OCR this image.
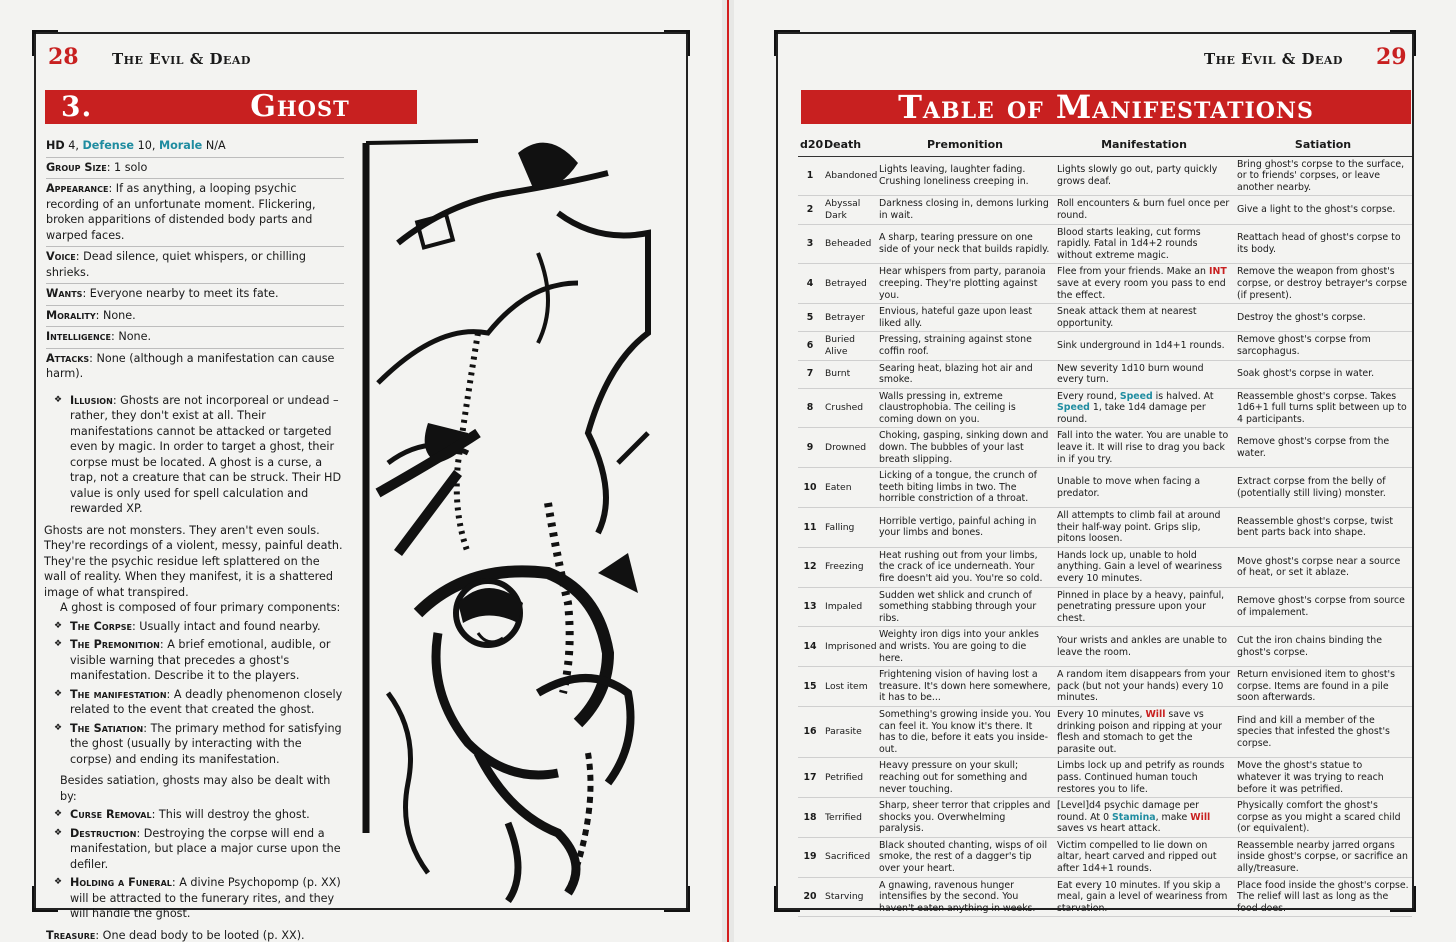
28 The Evil & Dead
3.	Ghost
HD 4, Defense 10, Morale N/A
Group Size: 1 solo
Appearance: If as anything, a looping psychic recording of an unfortunate moment. Flickering, broken apparitions of distended body parts and warped faces.
Voice: Dead silence, quiet whispers, or chilling shrieks.
Wants: Everyone nearby to meet its fate.
Morality: None.
Intelligence: None.
Attacks: None (although a manifestation can cause harm).
❖ Illusion: Ghosts are not incorporeal or undead – rather, they don't exist at all. Their manifestations cannot be attacked or targeted even by magic. In order to target a ghost, their corpse must be located. A ghost is a curse, a trap, not a creature that can be struck. Their HD value is only used for spell calculation and rewarded XP.
Ghosts are not monsters. They aren't even souls. They're recordings of a violent, messy, painful death. They're the psychic residue left splattered on the wall of reality. When they manifest, it is a shattered image of what transpired.
A ghost is composed of four primary components:
❖ The Corpse: Usually intact and found nearby.
❖ The Premonition: A brief emotional, audible, or visible warning that precedes a ghost's manifestation. Describe it to the players.
❖ The manifestation: A deadly phenomenon closely related to the event that created the ghost.
❖ The Satiation: The primary method for satisfying the ghost (usually by interacting with the corpse) and ending its manifestation.
Besides satiation, ghosts may also be dealt with by:
❖ Curse Removal: This will destroy the ghost.
❖ Destruction: Destroying the corpse will end a manifestation, but place a major curse upon the defiler.
❖ Holding a Funeral: A divine Psychopomp (p. XX) will be attracted to the funerary rites, and they will handle the ghost.
Treasure: One dead body to be looted (p. XX).
The Evil & Dead 29
Table of Manifestations
d20	Death	Premonition	Manifestation	Satiation
1	Abandoned	Lights leaving, laughter fading. Crushing loneliness creeping in.	Lights slowly go out, party quickly grows deaf.	Bring ghost's corpse to the surface, or to friends' corpses, or leave another nearby.
2	Abyssal Dark	Darkness closing in, demons lurking in wait.	Roll encounters & burn fuel once per round.	Give a light to the ghost's corpse.
3	Beheaded	A sharp, tearing pressure on one side of your neck that builds rapidly.	Blood starts leaking, cut forms rapidly. Fatal in 1d4+2 rounds without extreme magic.	Reattach head of ghost's corpse to its body.
4	Betrayed	Hear whispers from party, paranoia creeping. They're plotting against you.	Flee from your friends. Make an INT save at every room you pass to end the effect.	Remove the weapon from ghost's corpse, or destroy betrayer's corpse (if present).
5	Betrayer	Envious, hateful gaze upon least liked ally.	Sneak attack them at nearest opportunity.	Destroy the ghost's corpse.
6	Buried Alive	Pressing, straining against stone coffin roof.	Sink underground in 1d4+1 rounds.	Remove ghost's corpse from sarcophagus.
7	Burnt	Searing heat, blazing hot air and smoke.	New severity 1d10 burn wound every turn.	Soak ghost's corpse in water.
8	Crushed	Walls pressing in, extreme claustrophobia. The ceiling is coming down on you.	Every round, Speed is halved. At Speed 1, take 1d4 damage per round.	Reassemble ghost's corpse. Takes 1d6+1 full turns split between up to 4 participants.
9	Drowned	Choking, gasping, sinking down and down. The bubbles of your last breath slipping.	Fall into the water. You are unable to leave it. It will rise to drag you back in if you try.	Remove ghost's corpse from the water.
10	Eaten	Licking of a tongue, the crunch of teeth biting limbs in two. The horrible constriction of a throat.	Unable to move when facing a predator.	Extract corpse from the belly of (potentially still living) monster.
11	Falling	Horrible vertigo, painful aching in your limbs and bones.	All attempts to climb fail at around their half-way point. Grips slip, pitons loosen.	Reassemble ghost's corpse, twist bent parts back into shape.
12	Freezing	Heat rushing out from your limbs, the crack of ice underneath. Your fire doesn't aid you. You're so cold.	Hands lock up, unable to hold anything. Gain a level of weariness every 10 minutes.	Move ghost's corpse near a source of heat, or set it ablaze.
13	Impaled	Sudden wet shlick and crunch of something stabbing through your ribs.	Pinned in place by a heavy, painful, penetrating pressure upon your chest.	Remove ghost's corpse from source of impalement.
14	Imprisoned	Weighty iron digs into your ankles and wrists. You are going to die here.	Your wrists and ankles are unable to leave the room.	Cut the iron chains binding the ghost's corpse.
15	Lost item	Frightening vision of having lost a treasure. It's down here somewhere, it has to be...	A random item disappears from your pack (but not your hands) every 10 minutes.	Return envisioned item to ghost's corpse. Items are found in a pile soon afterwards.
16	Parasite	Something's growing inside you. You can feel it. You know it's there. It has to die, before it eats you inside-out.	Every 10 minutes, Will save vs drinking poison and ripping at your flesh and stomach to get the parasite out.	Find and kill a member of the species that infested the ghost's corpse.
17	Petrified	Heavy pressure on your skull; reaching out for something and never touching.	Limbs lock up and petrify as rounds pass. Continued human touch restores you to life.	Move the ghost's statue to whatever it was trying to reach before it was petrified.
18	Terrified	Sharp, sheer terror that cripples and shocks you. Overwhelming paralysis.	[Level]d4 psychic damage per round. At 0 Stamina, make Will saves vs heart attack.	Physically comfort the ghost's corpse as you might a scared child (or equivalent).
19	Sacrificed	Black shouted chanting, wisps of oil smoke, the rest of a dagger's tip over your heart.	Victim compelled to lie down on altar, heart carved and ripped out after 1d4+1 rounds.	Reassemble nearby jarred organs inside ghost's corpse, or sacrifice an ally/treasure.
20	Starving	A gnawing, ravenous hunger intensifies by the second. You haven't eaten anything in weeks.	Eat every 10 minutes. If you skip a meal, gain a level of weariness from starvation.	Place food inside the ghost's corpse. The relief will last as long as the food does.
